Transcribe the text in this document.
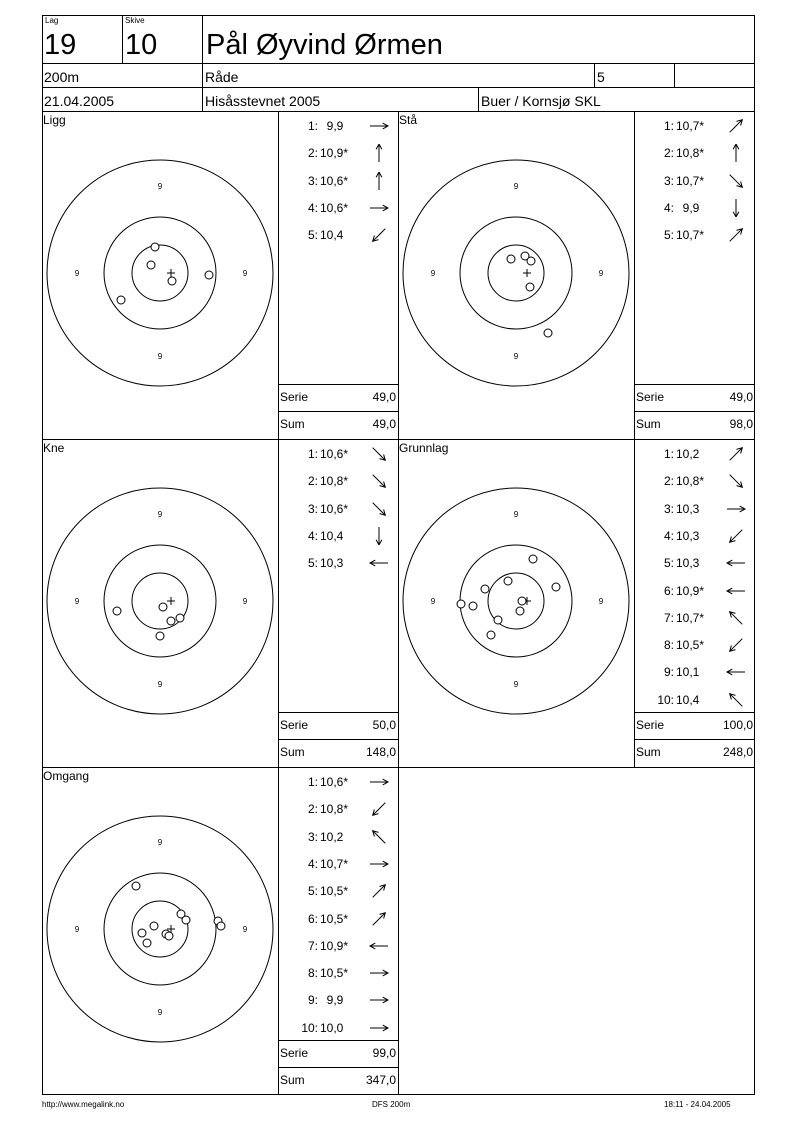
Lag
19
Skive
10 Pål Øyvind Ørmen
200m	Råde	5
21.04.2005	Hisåsstevnet 2005	Buer / Kornsjø SKL
Ligg
9
9
9	9
1: 9,9
2: 10,9*
3: 10,6*
4: 10,6*
5: 10,4
Serie	49,0
Sum	49,0
Stå
9
9
9	9
1: 10,7*
2: 10,8*
3: 10,7*
4: 9,9
5: 10,7*
Serie	49,0
Sum	98,0
Kne
9
9
9	9
1: 10,6*
2: 10,8*
3: 10,6*
4: 10,4
5: 10,3
Serie	50,0
Sum	148,0
Grunnlag
9
9
9	9
1: 10,2
2: 10,8*
3: 10,3
4: 10,3
5: 10,3
6: 10,9*
7: 10,7*
8: 10,5*
9: 10,1
10: 10,4
Serie	100,0
Sum	248,0
Omgang
9
9
9	9
1: 10,6*
2: 10,8*
3: 10,2
4: 10,7*
5: 10,5*
6: 10,5*
7: 10,9*
8: 10,5*
9: 9,9
10: 10,0
Serie	99,0
Sum	347,0
http://www.megalink.no	DFS 200m	18:11 - 24.04.2005
